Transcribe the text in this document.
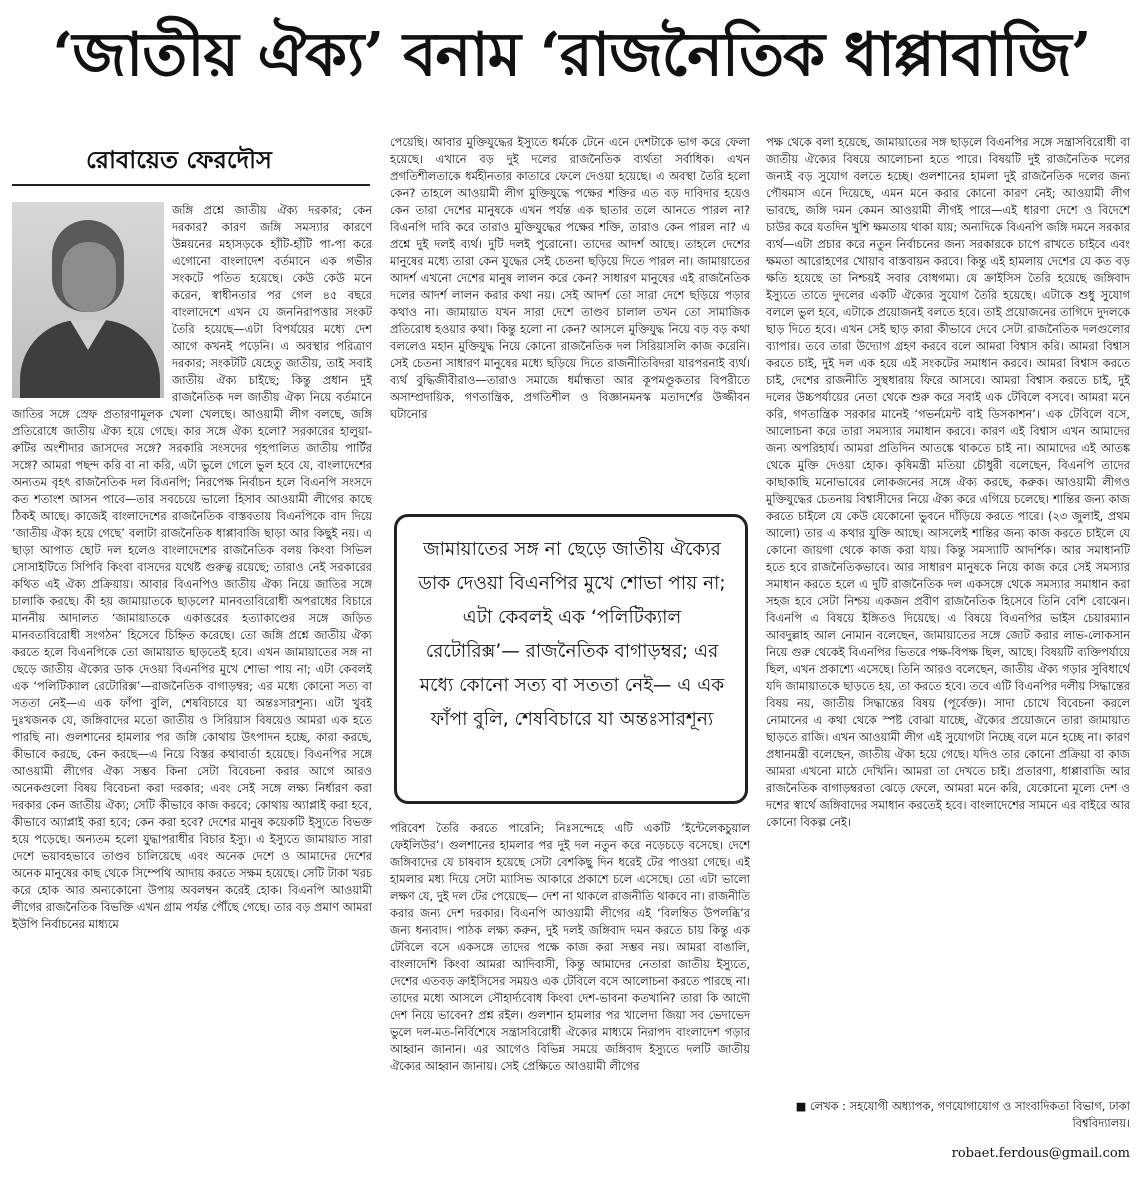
‘জাতীয় ঐক্য’ বনাম ‘রাজনৈতিক ধাপ্পাবাজি’
রোবায়েত ফেরদৌস

জঙ্গি প্রশ্নে জাতীয় ঐক্য দরকার; কেন দরকার? কারণ জঙ্গি সমস্যার কারণে উন্নয়নের মহাসড়কে হাঁটি-হাঁটি পা-পা করে এগোনো বাংলাদেশ বর্তমানে এক গভীর সংকটে পতিত হয়েছে। কেউ কেউ মনে করেন, স্বাধীনতার পর গেল ৪৫ বছরে বাংলাদেশে এখন যে জননিরাপত্তার সংকট তৈরি হয়েছে—এটা বিপর্যয়ের মধ্যে দেশ আগে কখনই পড়েনি। এ অবস্থার পরিত্রাণ দরকার; সংকটটি যেহেতু জাতীয়, তাই সবাই জাতীয় ঐক্য চাইছে; কিন্তু প্রধান দুই রাজনৈতিক দল জাতীয় ঐক্য নিয়ে বর্তমানে জাতির সঙ্গে স্রেফ প্রতারণামূলক খেলা খেলছে। আওয়ামী লীগ বলছে, জঙ্গি প্রতিরোধে জাতীয় ঐক্য হয়ে গেছে। কার সঙ্গে ঐক্য হলো? সরকারের হালুয়া-রুটির অংশীদার জাসদের সঙ্গে? সরকারি সংসদের গৃহপালিত জাতীয় পার্টির সঙ্গে? আমরা পছন্দ করি বা না করি, এটা ভুলে গেলে ভুল হবে যে, বাংলাদেশের অন্যতম বৃহৎ রাজনৈতিক দল বিএনপি; নিরপেক্ষ নির্বাচন হলে বিএনপি সংসদে কত শতাংশ আসন পাবে—তার সবচেয়ে ভালো হিসাব আওয়ামী লীগের কাছে ঠিকই আছে। কাজেই বাংলাদেশের রাজনৈতিক বাস্তবতায় বিএনপিকে বাদ দিয়ে ‘জাতীয় ঐক্য হয়ে গেছে’ বলাটা রাজনৈতিক ধাপ্পাবাজি ছাড়া আর কিছুই নয়। এ ছাড়া আপাত ছোট দল হলেও বাংলাদেশের রাজনৈতিক বলয় কিংবা সিভিল সোসাইটিতে সিপিবি কিংবা বাসদের যথেষ্ট গুরুত্ব রয়েছে; তারাও নেই সরকারের কথিত এই ঐক্য প্রক্রিয়ায়। আবার বিএনপিও জাতীয় ঐক্য নিয়ে জাতির সঙ্গে চালাকি করছে। কী হয় জামায়াতকে ছাড়লে? মানবতাবিরোধী অপরাধের বিচারে মাননীয় আদালত ‘জামায়াতকে একাত্তরের হত্যাকাণ্ডের সঙ্গে জড়িত মানবতাবিরোধী সংগঠন’ হিসেবে চিহ্নিত করেছে। তো জঙ্গি প্রশ্নে জাতীয় ঐক্য করতে হলে বিএনপিকে তো জামায়াত ছাড়তেই হবে। এখন জামায়াতের সঙ্গ না ছেড়ে জাতীয় ঐক্যের ডাক দেওয়া বিএনপির মুখে শোভা পায় না; এটা কেবলই এক ‘পলিটিক্যাল রেটোরিক্স’—রাজনৈতিক বাগাড়ম্বর; এর মধ্যে কোনো সত্য বা সততা নেই—এ এক ফাঁপা বুলি, শেষবিচারে যা অন্তঃসারশূন্য। এটা খুবই দুঃখজনক যে, জঙ্গিবাদের মতো জাতীয় ও সিরিয়াস বিষয়েও আমরা এক হতে পারছি না। গুলশানের হামলার পর জঙ্গি কোথায় উৎপাদন হচ্ছে, কারা করছে, কীভাবে করছে, কেন করছে—এ নিয়ে বিস্তর কথাবার্তা হয়েছে। বিএনপির সঙ্গে আওয়ামী লীগের ঐক্য সম্ভব কিনা সেটা বিবেচনা করার আগে আরও অনেকগুলো বিষয় বিবেচনা করা দরকার; এবং সেই সঙ্গে লক্ষ্য নির্ধারণ করা দরকার কেন জাতীয় ঐক্য; সেটি কীভাবে কাজ করবে; কোথায় অ্যাপ্লাই করা হবে, কীভাবে অ্যাপ্লাই করা হবে; কেন করা হবে? দেশের মানুষ কয়েকটি ইস্যুতে বিভক্ত হয়ে পড়েছে। অন্যতম হলো যুদ্ধাপরাধীর বিচার ইস্যু। এ ইস্যুতে জামায়াত সারা দেশে ভয়াবহভাবে তাণ্ডব চালিয়েছে এবং অনেক দেশে ও আমাদের দেশের অনেক মানুষের কাছ থেকে সিম্পেথি আদায় করতে সক্ষম হয়েছে। সেটি টাকা খরচ করে হোক আর অন্যকোনো উপায় অবলম্বন করেই হোক। বিএনপি আওয়ামী লীগের রাজনৈতিক বিভক্তি এখন গ্রাম পর্যন্ত পৌঁছে গেছে। তার বড় প্রমাণ আমরা ইউপি নির্বাচনের মাধ্যমে

পেয়েছি। আবার মুক্তিযুদ্ধের ইস্যুতে ধর্মকে টেনে এনে দেশটাকে ভাগ করে ফেলা হয়েছে। এখানে বড় দুই দলের রাজনৈতিক ব্যর্থতা সর্বাধিক। এখন প্রগতিশীলতাকে ধর্মহীনতার কাতারে ফেলে দেওয়া হয়েছে। এ অবস্থা তৈরি হলো কেন? তাহলে আওয়ামী লীগ মুক্তিযুদ্ধে পক্ষের শক্তির এত বড় দাবিদার হয়েও কেন তারা দেশের মানুষকে এখন পর্যন্ত এক ছাতার তলে আনতে পারল না? বিএনপি দাবি করে তারাও মুক্তিযুদ্ধের পক্ষের শক্তি, তারাও কেন পারল না? এ প্রশ্নে দুই দলই ব্যর্থ। দুটি দলই পুরোনো। তাদের আদর্শ আছে। তাহলে দেশের মানুষের মধ্যে তারা কেন যুদ্ধের সেই চেতনা ছড়িয়ে দিতে পারল না। জামায়াতের আদর্শ এখনো দেশের মানুষ লালন করে কেন? সাধারণ মানুষের এই রাজনৈতিক দলের আদর্শ লালন করার কথা নয়। সেই আদর্শ তো সারা দেশে ছড়িয়ে পড়ার কথাও না। জামায়াত যখন সারা দেশে তাণ্ডব চালাল তখন তো সামাজিক প্রতিরোধ হওয়ার কথা। কিন্তু হলো না কেন? আসলে মুক্তিযুদ্ধ নিয়ে বড় বড় কথা বললেও মহান মুক্তিযুদ্ধ নিয়ে কোনো রাজনৈতিক দল সিরিয়াসলি কাজ করেনি। সেই চেতনা সাধারণ মানুষের মধ্যে ছড়িয়ে দিতে রাজনীতিবিদরা যারপরনাই ব্যর্থ। ব্যর্থ বুদ্ধিজীবীরাও—তারাও সমাজে ধর্মান্ধতা আর কূপমণ্ডূকতার বিপরীতে অসাম্প্রদায়িক, গণতান্ত্রিক, প্রগতিশীল ও বিজ্ঞানমনস্ক মতাদর্শের উজ্জীবন ঘটানোর

জামায়াতের সঙ্গ না ছেড়ে জাতীয় ঐক্যের ডাক দেওয়া বিএনপির মুখে শোভা পায় না; এটা কেবলই এক ‘পলিটিক্যাল রেটোরিক্স’— রাজনৈতিক বাগাড়ম্বর; এর মধ্যে কোনো সত্য বা সততা নেই— এ এক ফাঁপা বুলি, শেষবিচারে যা অন্তঃসারশূন্য

পরিবেশ তৈরি করতে পারেনি; নিঃসন্দেহে এটি একটি ‘ইন্টেলেকচুয়াল ফেইলিউর’। গুলশানের হামলার পর দুই দল নতুন করে নড়েচড়ে বসেছে। দেশে জঙ্গিবাদের যে চাষবাস হয়েছে সেটা বেশকিছু দিন ধরেই টের পাওয়া গেছে। এই হামলার মধ্য দিয়ে সেটা ম্যাসিভ আকারে প্রকাশে চলে এসেছে। তো এটা ভালো লক্ষণ যে, দুই দল টের পেয়েছে— দেশ না থাকলে রাজনীতি থাকবে না। রাজনীতি করার জন্য দেশ দরকার। বিএনপি আওয়ামী লীগের এই ‘বিলম্বিত উপলব্ধি’র জন্য ধন্যবাদ। পাঠক লক্ষ্য করুন, দুই দলই জঙ্গিবাদ দমন করতে চায় কিন্তু এক টেবিলে বসে একসঙ্গে তাদের পক্ষে কাজ করা সম্ভব নয়। আমরা বাঙালি, বাংলাদেশি কিংবা আমরা আদিবাসী, কিন্তু আমাদের নেতারা জাতীয় ইস্যুতে, দেশের এতবড় ক্রাইসিসের সময়ও এক টেবিলে বসে আলোচনা করতে পারছে না। তাদের মধ্যে আসলে সৌহার্দ্যবোধ কিংবা দেশ-ভাবনা কতখানি? তারা কি আদৌ দেশ নিয়ে ভাবেন? প্রশ্ন রইল। গুলশান হামলার পর খালেদা জিয়া সব ভেদাভেদ ভুলে দল-মত-নির্বিশেষে সন্ত্রাসবিরোধী ঐক্যের মাধ্যমে নিরাপদ বাংলাদেশ গড়ার আহ্বান জানান। এর আগেও বিভিন্ন সময়ে জঙ্গিবাদ ইস্যুতে দলটি জাতীয় ঐক্যের আহ্বান জানায়। সেই প্রেক্ষিতে আওয়ামী লীগের

পক্ষ থেকে বলা হয়েছে, জামায়াতের সঙ্গ ছাড়লে বিএনপির সঙ্গে সন্ত্রাসবিরোধী বা জাতীয় ঐক্যের বিষয়ে আলোচনা হতে পারে। বিষয়টি দুই রাজনৈতিক দলের জন্যই বড় সুযোগ বলতে হচ্ছে। গুলশানের হামলা দুই রাজনৈতিক দলের জন্য পৌষমাস এনে দিয়েছে, এমন মনে করার কোনো কারণ নেই; আওয়ামী লীগ ভাবছে, জঙ্গি দমন কেমন আওয়ামী লীগই পারে—এই ধারণা দেশে ও বিদেশে চাউর করে যতদিন খুশি ক্ষমতায় থাকা যায়; অন্যদিকে বিএনপি জঙ্গি দমনে সরকার ব্যর্থ—এটা প্রচার করে নতুন নির্বাচনের জন্য সরকারকে চাপে রাখতে চাইবে এবং ক্ষমতা আরোহণের খোয়াব বাস্তবায়ন করবে। কিন্তু এই হামলায় দেশের যে কত বড় ক্ষতি হয়েছে তা নিশ্চয়ই সবার বোধগম্য। যে ক্রাইসিস তৈরি হয়েছে জঙ্গিবাদ ইস্যুতে তাতে দুদলের একটি ঐক্যের সুযোগ তৈরি হয়েছে। এটাকে শুধু সুযোগ বললে ভুল হবে, এটাকে প্রয়োজনই বলতে হবে। তাই প্রয়োজনের তাগিদে দুদলকে ছাড় দিতে হবে। এখন সেই ছাড় কারা কীভাবে দেবে সেটা রাজনৈতিক দলগুলোর ব্যাপার। তবে তারা উদ্যোগ গ্রহণ করবে বলে আমরা বিশ্বাস করি। আমরা বিশ্বাস করতে চাই, দুই দল এক হয়ে এই সংকটের সমাধান করবে। আমরা বিশ্বাস করতে চাই, দেশের রাজনীতি সুস্থধারায় ফিরে আসবে। আমরা বিশ্বাস করতে চাই, দুই দলের উচ্চপর্যায়ের নেতা থেকে শুরু করে সবাই এক টেবিলে বসবে। আমরা মনে করি, গণতান্ত্রিক সরকার মানেই ‘গভর্নমেন্ট বাই ডিসকাশন’। এক টেবিলে বসে, আলোচনা করে তারা সমস্যার সমাধান করবে। কারণ এই বিশ্বাস এখন আমাদের জন্য অপরিহার্য। আমরা প্রতিদিন আতঙ্কে থাকতে চাই না। আমাদের এই আতঙ্ক থেকে মুক্তি দেওয়া হোক। কৃষিমন্ত্রী মতিয়া চৌধুরী বলেছেন, বিএনপি তাদের কাছাকাছি মনোভাবের লোকজনের সঙ্গে ঐক্য করছে, করুক। আওয়ামী লীগও মুক্তিযুদ্ধের চেতনায় বিশ্বাসীদের নিয়ে ঐক্য করে এগিয়ে চলেছে। শান্তির জন্য কাজ করতে চাইলে যে কেউ যেকোনো ভুবনে দাঁড়িয়ে করতে পারে। (২৩ জুলাই, প্রথম আলো) তার এ কথার যুক্তি আছে। আসলেই শান্তির জন্য কাজ করতে চাইলে যে কোনো জায়গা থেকে কাজ করা যায়। কিন্তু সমস্যাটি আদর্শিক। আর সমাধানটি হতে হবে রাজনৈতিকভাবে। আর সাধারণ মানুষকে নিয়ে কাজ করে সেই সমস্যার সমাধান করতে হলে এ দুটি রাজনৈতিক দল একসঙ্গে থেকে সমস্যার সমাধান করা সহজ হবে সেটা নিশ্চয় একজন প্রবীণ রাজনৈতিক হিসেবে তিনি বেশি বোঝেন। বিএনপি এ বিষয়ে ইঙ্গিতও দিয়েছে। এ বিষয়ে বিএনপির ভাইস চেয়ারম্যান আবদুল্লাহ আল নোমান বলেছেন, জামায়াতের সঙ্গে জোট করার লাভ-লোকসান নিয়ে গুরু থেকেই বিএনপির ভিতরে পক্ষ-বিপক্ষ ছিল, আছে। বিষয়টি ব্যক্তিপর্যায়ে ছিল, এখন প্রকাশ্যে এসেছে। তিনি আরও বলেছেন, জাতীয় ঐক্য গড়ার সুবিধার্থে যদি জামায়াতকে ছাড়তে হয়, তা করতে হবে। তবে এটি বিএনপির দলীয় সিদ্ধান্তের বিষয় নয়, জাতীয় সিদ্ধান্তের বিষয় (পূর্বেক্ত)। সাদা চোখে বিবেচনা করলে নোমানের এ কথা থেকে স্পষ্ট বোঝা যাচ্ছে, ঐক্যের প্রয়োজনে তারা জামায়াত ছাড়তে রাজি। এখন আওয়ামী লীগ এই সুযোগটা নিচ্ছে বলে মনে হচ্ছে না। কারণ প্রধানমন্ত্রী বলেছেন, জাতীয় ঐক্য হয়ে গেছে। যদিও তার কোনো প্রক্রিয়া বা কাজ আমরা এখনো মাঠে দেখিনি। আমরা তা দেখতে চাই। প্রতারণা, ধাপ্পাবাজি আর রাজনৈতিক বাগাড়ম্বরতা ঝেড়ে ফেলে, আমরা মনে করি, যেকোনো মূল্যে দেশ ও দশের স্বার্থে জঙ্গিবাদের সমাধান করতেই হবে। বাংলাদেশের সামনে এর বাইরে আর কোনো বিকল্প নেই।

■ লেখক : সহযোগী অধ্যাপক, গণযোগাযোগ ও সাংবাদিকতা বিভাগ, ঢাকা বিশ্ববিদ্যালয়।
robaet.ferdous@gmail.com
